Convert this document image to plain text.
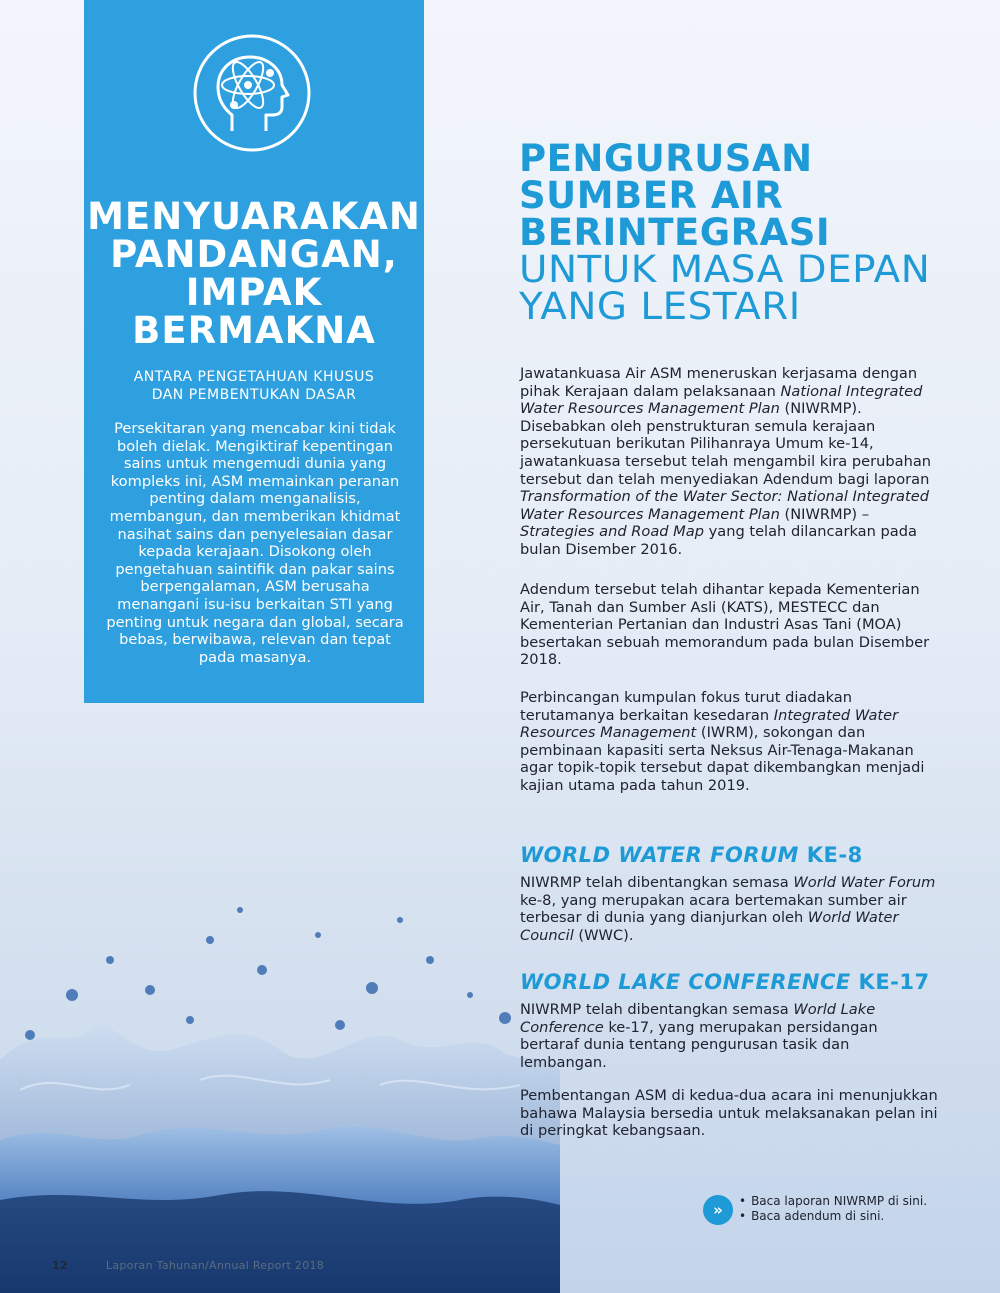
MENYUARAKAN
PANDANGAN,
IMPAK
BERMAKNA

ANTARA PENGETAHUAN KHUSUS
DAN PEMBENTUKAN DASAR

Persekitaran yang mencabar kini tidak boleh dielak. Mengiktiraf kepentingan sains untuk mengemudi dunia yang kompleks ini, ASM memainkan peranan penting dalam menganalisis, membangun, dan memberikan khidmat nasihat sains dan penyelesaian dasar kepada kerajaan. Disokong oleh pengetahuan saintifik dan pakar sains berpengalaman, ASM berusaha menangani isu-isu berkaitan STI yang penting untuk negara dan global, secara bebas, berwibawa, relevan dan tepat pada masanya.

PENGURUSAN
SUMBER AIR
BERINTEGRASI
UNTUK MASA DEPAN
YANG LESTARI

Jawatankuasa Air ASM meneruskan kerjasama dengan pihak Kerajaan dalam pelaksanaan National Integrated Water Resources Management Plan (NIWRMP). Disebabkan oleh penstrukturan semula kerajaan persekutuan berikutan Pilihanraya Umum ke-14, jawatankuasa tersebut telah mengambil kira perubahan tersebut dan telah menyediakan Adendum bagi laporan Transformation of the Water Sector: National Integrated Water Resources Management Plan (NIWRMP) – Strategies and Road Map yang telah dilancarkan pada bulan Disember 2016.

Adendum tersebut telah dihantar kepada Kementerian Air, Tanah dan Sumber Asli (KATS), MESTECC dan Kementerian Pertanian dan Industri Asas Tani (MOA) besertakan sebuah memorandum pada bulan Disember 2018.

Perbincangan kumpulan fokus turut diadakan terutamanya berkaitan kesedaran Integrated Water Resources Management (IWRM), sokongan dan pembinaan kapasiti serta Neksus Air-Tenaga-Makanan agar topik-topik tersebut dapat dikembangkan menjadi kajian utama pada tahun 2019.

WORLD WATER FORUM KE-8

NIWRMP telah dibentangkan semasa World Water Forum ke-8, yang merupakan acara bertemakan sumber air terbesar di dunia yang dianjurkan oleh World Water Council (WWC).

WORLD LAKE CONFERENCE KE-17

NIWRMP telah dibentangkan semasa World Lake Conference ke-17, yang merupakan persidangan bertaraf dunia tentang pengurusan tasik dan lembangan.

Pembentangan ASM di kedua-dua acara ini menunjukkan bahawa Malaysia bersedia untuk melaksanakan pelan ini di peringkat kebangsaan.

»
•	Baca laporan NIWRMP di sini.
• Baca adendum di sini.
12	Laporan Tahunan/Annual Report 2018
